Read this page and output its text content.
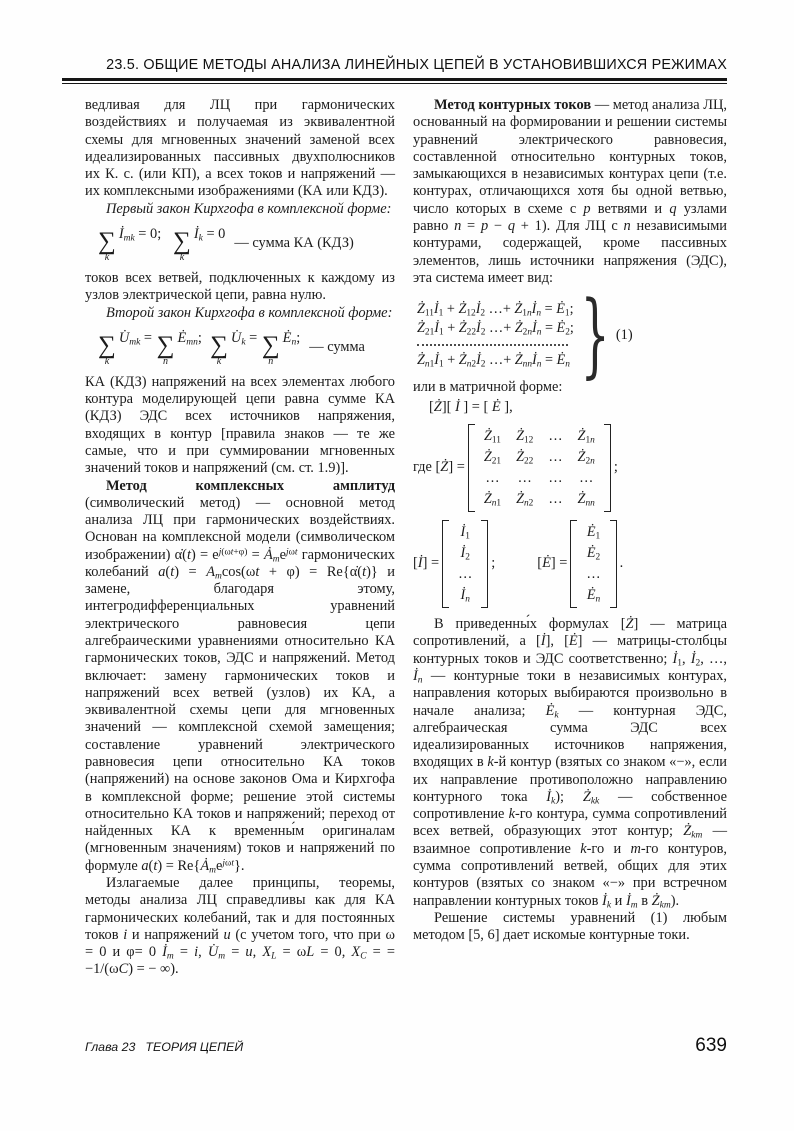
23.5. ОБЩИЕ МЕТОДЫ АНАЛИЗА ЛИНЕЙНЫХ ЦЕПЕЙ В УСТАНОВИВШИХСЯ РЕЖИМАХ

ведливая для ЛЦ при гармонических воздействиях и получаемая из эквивалентной схемы для мгновенных значений заменой всех идеализированных пассивных двухполюсников их К. с. (или КП), а всех токов и напряжений — их комплексными изображениями (КА или КДЗ).

Первый закон Кирхгофа в комплексной форме:

∑
k
$İ_{mk} = 0$; ∑
k
$İ_k = 0$
— сумма КА (КДЗ)

токов всех ветвей, подключенных к каждому из узлов электрической цепи, равна нулю.

Второй закон Кирхгофа в комплексной форме:

∑
k
$U̇_{mk}$ = ∑
n
$Ė_{mn}$; ∑
k
$U̇_k$ = ∑
n
$Ė_n$;
— сумма

КА (КДЗ) напряжений на всех элементах любого контура моделирующей цепи равна сумме КА (КДЗ) ЭДС всех источников напряжения, входящих в контур [правила знаков — те же самые, что и при суммировании мгновенных значений токов и напряжений (см. ст. 1.9)].

Метод комплексных амплитуд (символический метод) — основной метод анализа ЛЦ при гармонических воздействиях. Основан на комплексной модели (символическом изображении) α̇(t) = $e^{j(\omega t+\varphi)}$ = $Ȧ_me^{j\omega t}$ гармонических колебаний $a(t) = A_m\cos(\omega t + \varphi)$ = Re{α̇(t)} и замене, благодаря этому, интегродифференциальных уравнений электрического равновесия цепи алгебраическими уравнениями относительно КА гармонических токов, ЭДС и напряжений. Метод включает: замену гармонических токов и напряжений всех ветвей (узлов) их КА, а эквивалентной схемы цепи для мгновенных значений — комплексной схемой замещения; составление уравнений электрического равновесия цепи относительно КА токов (напряжений) на основе законов Ома и Кирхгофа в комплексной форме; решение этой системы относительно КА токов и напряжений; переход от найденных КА к временны́м оригиналам (мгновенным значениям) токов и напряжений по формуле $a(t) = Re\{Ȧ_me^{j\omega t}\}$.

Излагаемые далее принципы, теоремы, методы анализа ЛЦ справедливы как для КА гармонических колебаний, так и для постоянных токов i и напряжений u (с учетом того, что при ω = 0 и φ= 0 $İ_m = i$, $U̇_m = u$, $X_L = \omega L = 0$, $X_C$ = = −1/(ωC) = − ∞).

Метод контурных токов — метод анализа ЛЦ, основанный на формировании и решении системы уравнений электрического равновесия, составленной относительно контурных токов, замыкающихся в независимых контурах цепи (т.е. контурах, отличающихся хотя бы одной ветвью, число которых в схеме с p ветвями и q узлами равно n = p − q + 1). Для ЛЦ с n независимыми контурами, содержащей, кроме пассивных элементов, лишь источники напряжения (ЭДС), эта система имеет вид:

$Ż_{11}İ_1$ + $Ż_{12}İ_2$ …+ $Ż_{1n}İ_n$ = $Ė_1$;
$Ż_{21}İ_1$ + $Ż_{22}İ_2$ …+ $Ż_{2n}İ_n$ = $Ė_2$;
$Ż_{n1}İ_1$ + $Ż_{n2}İ_2$ …+ $Ż_{nn}İ_n$ = $Ė_n$ } (1)

или в матричной форме:

[Ż][ İ ] = [ Ė ],

где [Ż] =
$Ż_{11}$ $Ż_{12}$ … $Ż_{1n}$
$Ż_{21}$ $Ż_{22}$ … $Ż_{2n}$
… … … …
$Ż_{n1}$ $Ż_{n2}$ … $Ż_{nn}$
;
[İ] =
$İ_1$
$İ_2$
…
$İ_n$
;	[Ė] =
$Ė_1$
$Ė_2$
…
$Ė_n$
.

В приведенны́х формулах [Ż] — матрица сопротивлений, а [İ], [Ė] — матрицы-столбцы контурных токов и ЭДС соответственно; $İ_1$, $İ_2$, …, $İ_n$ — контурные токи в независимых контурах, направления которых выбираются произвольно в начале анализа; $Ė_k$ — контурная ЭДС, алгебраическая сумма ЭДС всех идеализированных источников напряжения, входящих в k-й контур (взятых со знаком «−», если их направление противоположно направлению контурного тока $İ_k$); $Ż_{kk}$ — собственное сопротивление k-го контура, сумма сопротивлений всех ветвей, образующих этот контур; $Ż_{km}$ — взаимное сопротивление k-го и m-го контуров, сумма сопротивлений ветвей, общих для этих контуров (взятых со знаком «−» при встречном направлении контурных токов $İ_k$ и $İ_m$ в $Ż_{km}$).

Решение системы уравнений (1) любым методом [5, 6] дает искомые контурные токи.

Глава 23 ТЕОРИЯ ЦЕПЕЙ	639
